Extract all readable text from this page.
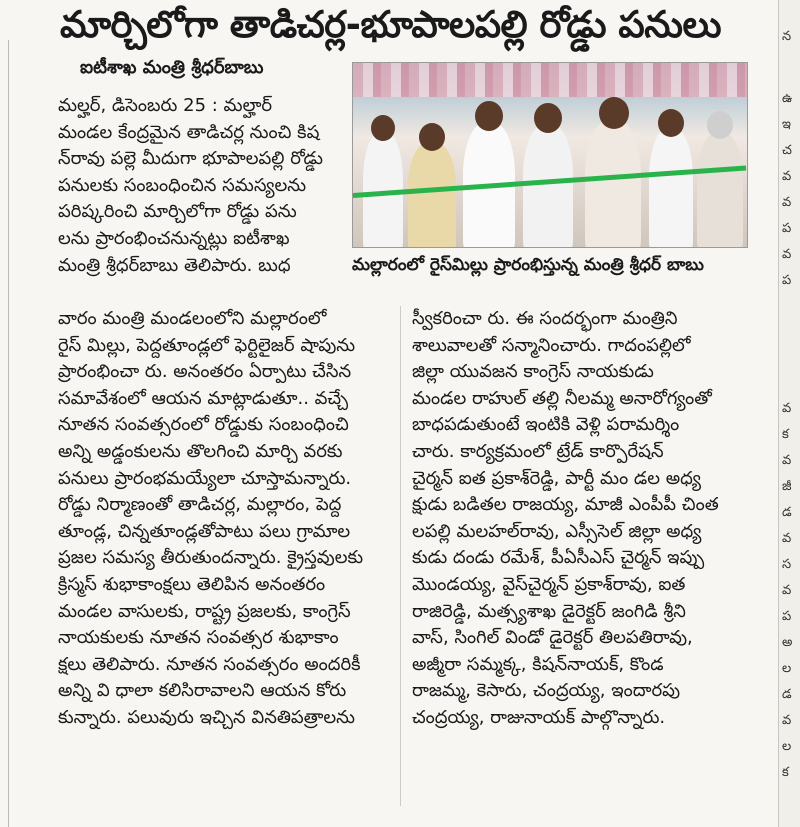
మార్చిలోగా తాడిచర్ల-భూపాలపల్లి రోడ్డు పనులు
ఐటీశాఖ మంత్రి శ్రీధర్‌బాబు
మల్హర్, డిసెంబరు 25 : మల్హార్
మండల కేంద్రమైన తాడిచర్ల నుంచి కిష
న్‌రావు పల్లె మీదుగా భూపాలపల్లి రోడ్డు
పనులకు సంబంధించిన సమస్యలను
పరిష్కరించి మార్చిలోగా రోడ్డు పను
లను ప్రారంభించనున్నట్లు ఐటీశాఖ
మంత్రి శ్రీధర్‌బాబు తెలిపారు. బుధ	మల్లారంలో రైస్‌మిల్లు ప్రారంభిస్తున్న మంత్రి శ్రీధర్ బాబు
వారం మంత్రి మండలంలోని మల్లారంలో
రైస్ మిల్లు, పెద్దతూండ్లలో ఫెర్టిలైజర్ షాపును
ప్రారంభించా రు. అనంతరం ఏర్పాటు చేసిన
సమావేశంలో ఆయన మాట్లాడుతూ.. వచ్చే
నూతన సంవత్సరంలో రోడ్డుకు సంబంధించి
అన్ని అడ్డంకులను తొలగించి మార్చి వరకు
పనులు ప్రారంభమయ్యేలా చూస్తామన్నారు.
రోడ్డు నిర్మాణంతో తాడిచర్ల, మల్లారం, పెద్ద
తూండ్ల, చిన్నతూండ్లతోపాటు పలు గ్రామాల
ప్రజల సమస్య తీరుతుందన్నారు. క్రైస్తవులకు
క్రిస్మస్ శుభాకాంక్షలు తెలిపిన అనంతరం
మండల వాసులకు, రాష్ట్ర ప్రజలకు, కాంగ్రెస్
నాయకులకు నూతన సంవత్సర శుభాకాం
క్షలు తెలిపారు. నూతన సంవత్సరం అందరికీ
అన్ని వి ధాలా కలిసిరావాలని ఆయన కోరు
కున్నారు. పలువురు ఇచ్చిన వినతిపత్రాలను
స్వీకరించా రు. ఈ సందర్భంగా మంత్రిని
శాలువాలతో సన్మానించారు. గాదంపల్లిలో
జిల్లా యువజన కాంగ్రెస్ నాయకుడు
మండల రాహుల్ తల్లి నీలమ్మ అనారోగ్యంతో
బాధపడుతుంటే ఇంటికి వెళ్లి పరామర్శిం
చారు. కార్యక్రమంలో ట్రేడ్ కార్పొరేషన్
చైర్మన్ ఐత ప్రకాశ్‌రెడ్డి, పార్టీ మం డల అధ్య
క్షుడు బడితల రాజయ్య, మాజీ ఎంపీపీ చింత
లపల్లి మలహల్‌రావు, ఎస్సీసెల్ జిల్లా అధ్య
కుడు దండు రమేశ్, పీఏసీఎస్ చైర్మన్ ఇప్పు
మొండయ్య, వైస్‌చైర్మన్ ప్రకాశ్‌రావు, ఐత
రాజిరెడ్డి, మత్స్యశాఖ డైరెక్టర్ జంగిడి శ్రీని
వాస్, సింగిల్ విండో డైరెక్టర్ తిలపతిరావు,
అజ్మీరా సమ్మక్క, కిషన్‌నాయక్, కొండ
రాజమ్మ, కెసారు, చంద్రయ్య, ఇందారపు
చంద్రయ్య, రాజునాయక్ పాల్గొన్నారు.
న
ఉ
ఇ
చ
వ
వ
ప
వ
ప
వ
క
వ
జీ
డ
వ
స
వ
ప
అ
ల
డ
వ
ల
క
